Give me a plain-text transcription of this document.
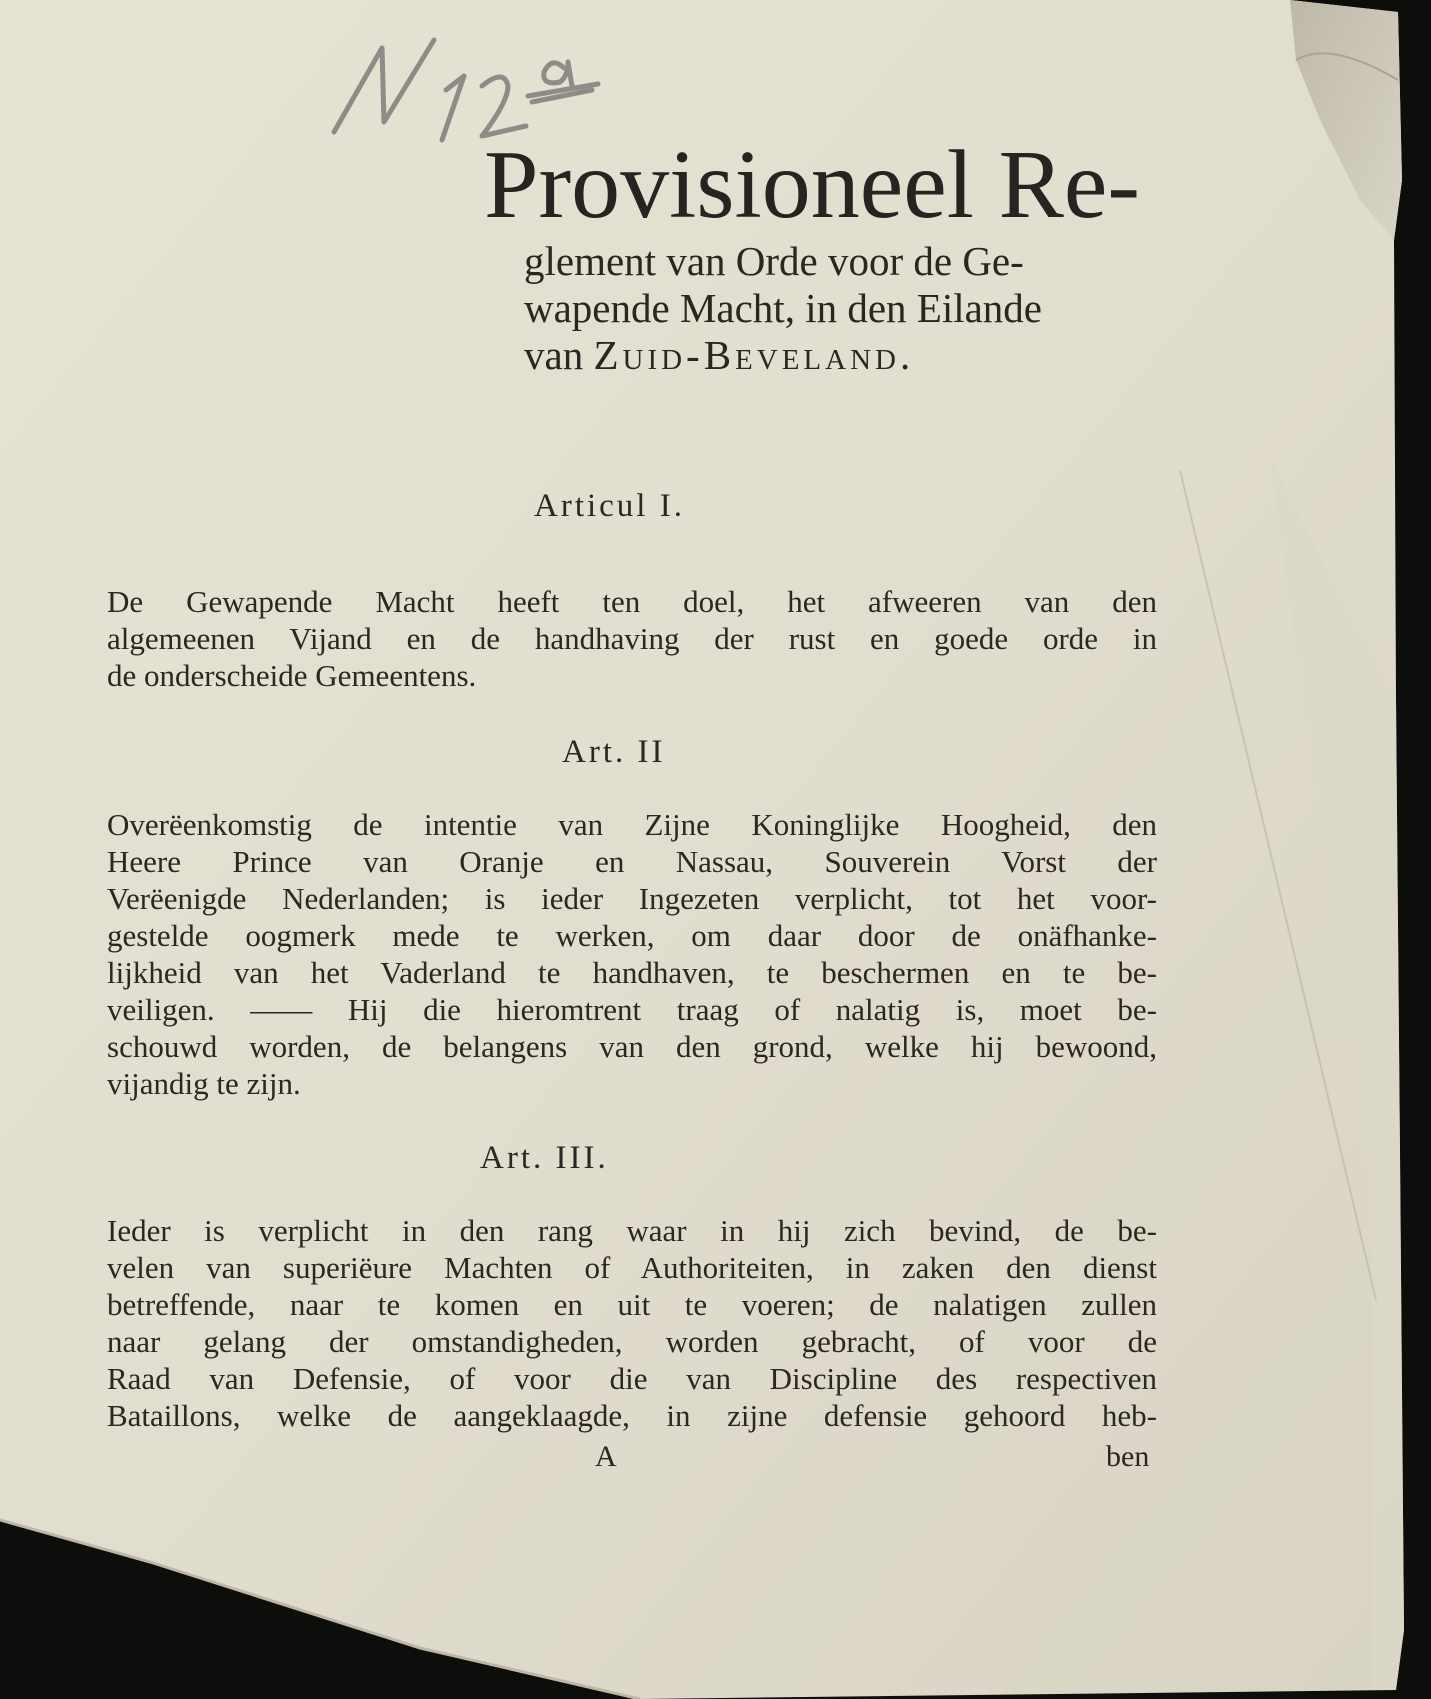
Provisioneel Re-
glement van Orde voor de Ge-
wapende Macht, in den Eilande
van Zuid-Beveland.
Articul I.
De Gewapende Macht heeft ten doel, het afweeren van den
algemeenen Vijand en de handhaving der rust en goede orde in
de onderscheide Gemeentens.
Art. II
Overëenkomstig de intentie van Zijne Koninglijke Hoogheid, den
Heere Prince van Oranje en Nassau, Souverein Vorst der
Verëenigde Nederlanden; is ieder Ingezeten verplicht, tot het voor-
gestelde oogmerk mede te werken, om daar door de onäfhanke-
lijkheid van het Vaderland te handhaven, te beschermen en te be-
veiligen. —— Hij die hieromtrent traag of nalatig is, moet be-
schouwd worden, de belangens van den grond, welke hij bewoond,
vijandig te zijn.
Art. III.
Ieder is verplicht in den rang waar in hij zich bevind, de be-
velen van superiëure Machten of Authoriteiten, in zaken den dienst
betreffende, naar te komen en uit te voeren; de nalatigen zullen
naar gelang der omstandigheden, worden gebracht, of voor de
Raad van Defensie, of voor die van Discipline des respectiven
Bataillons, welke de aangeklaagde, in zijne defensie gehoord heb-
A	ben
